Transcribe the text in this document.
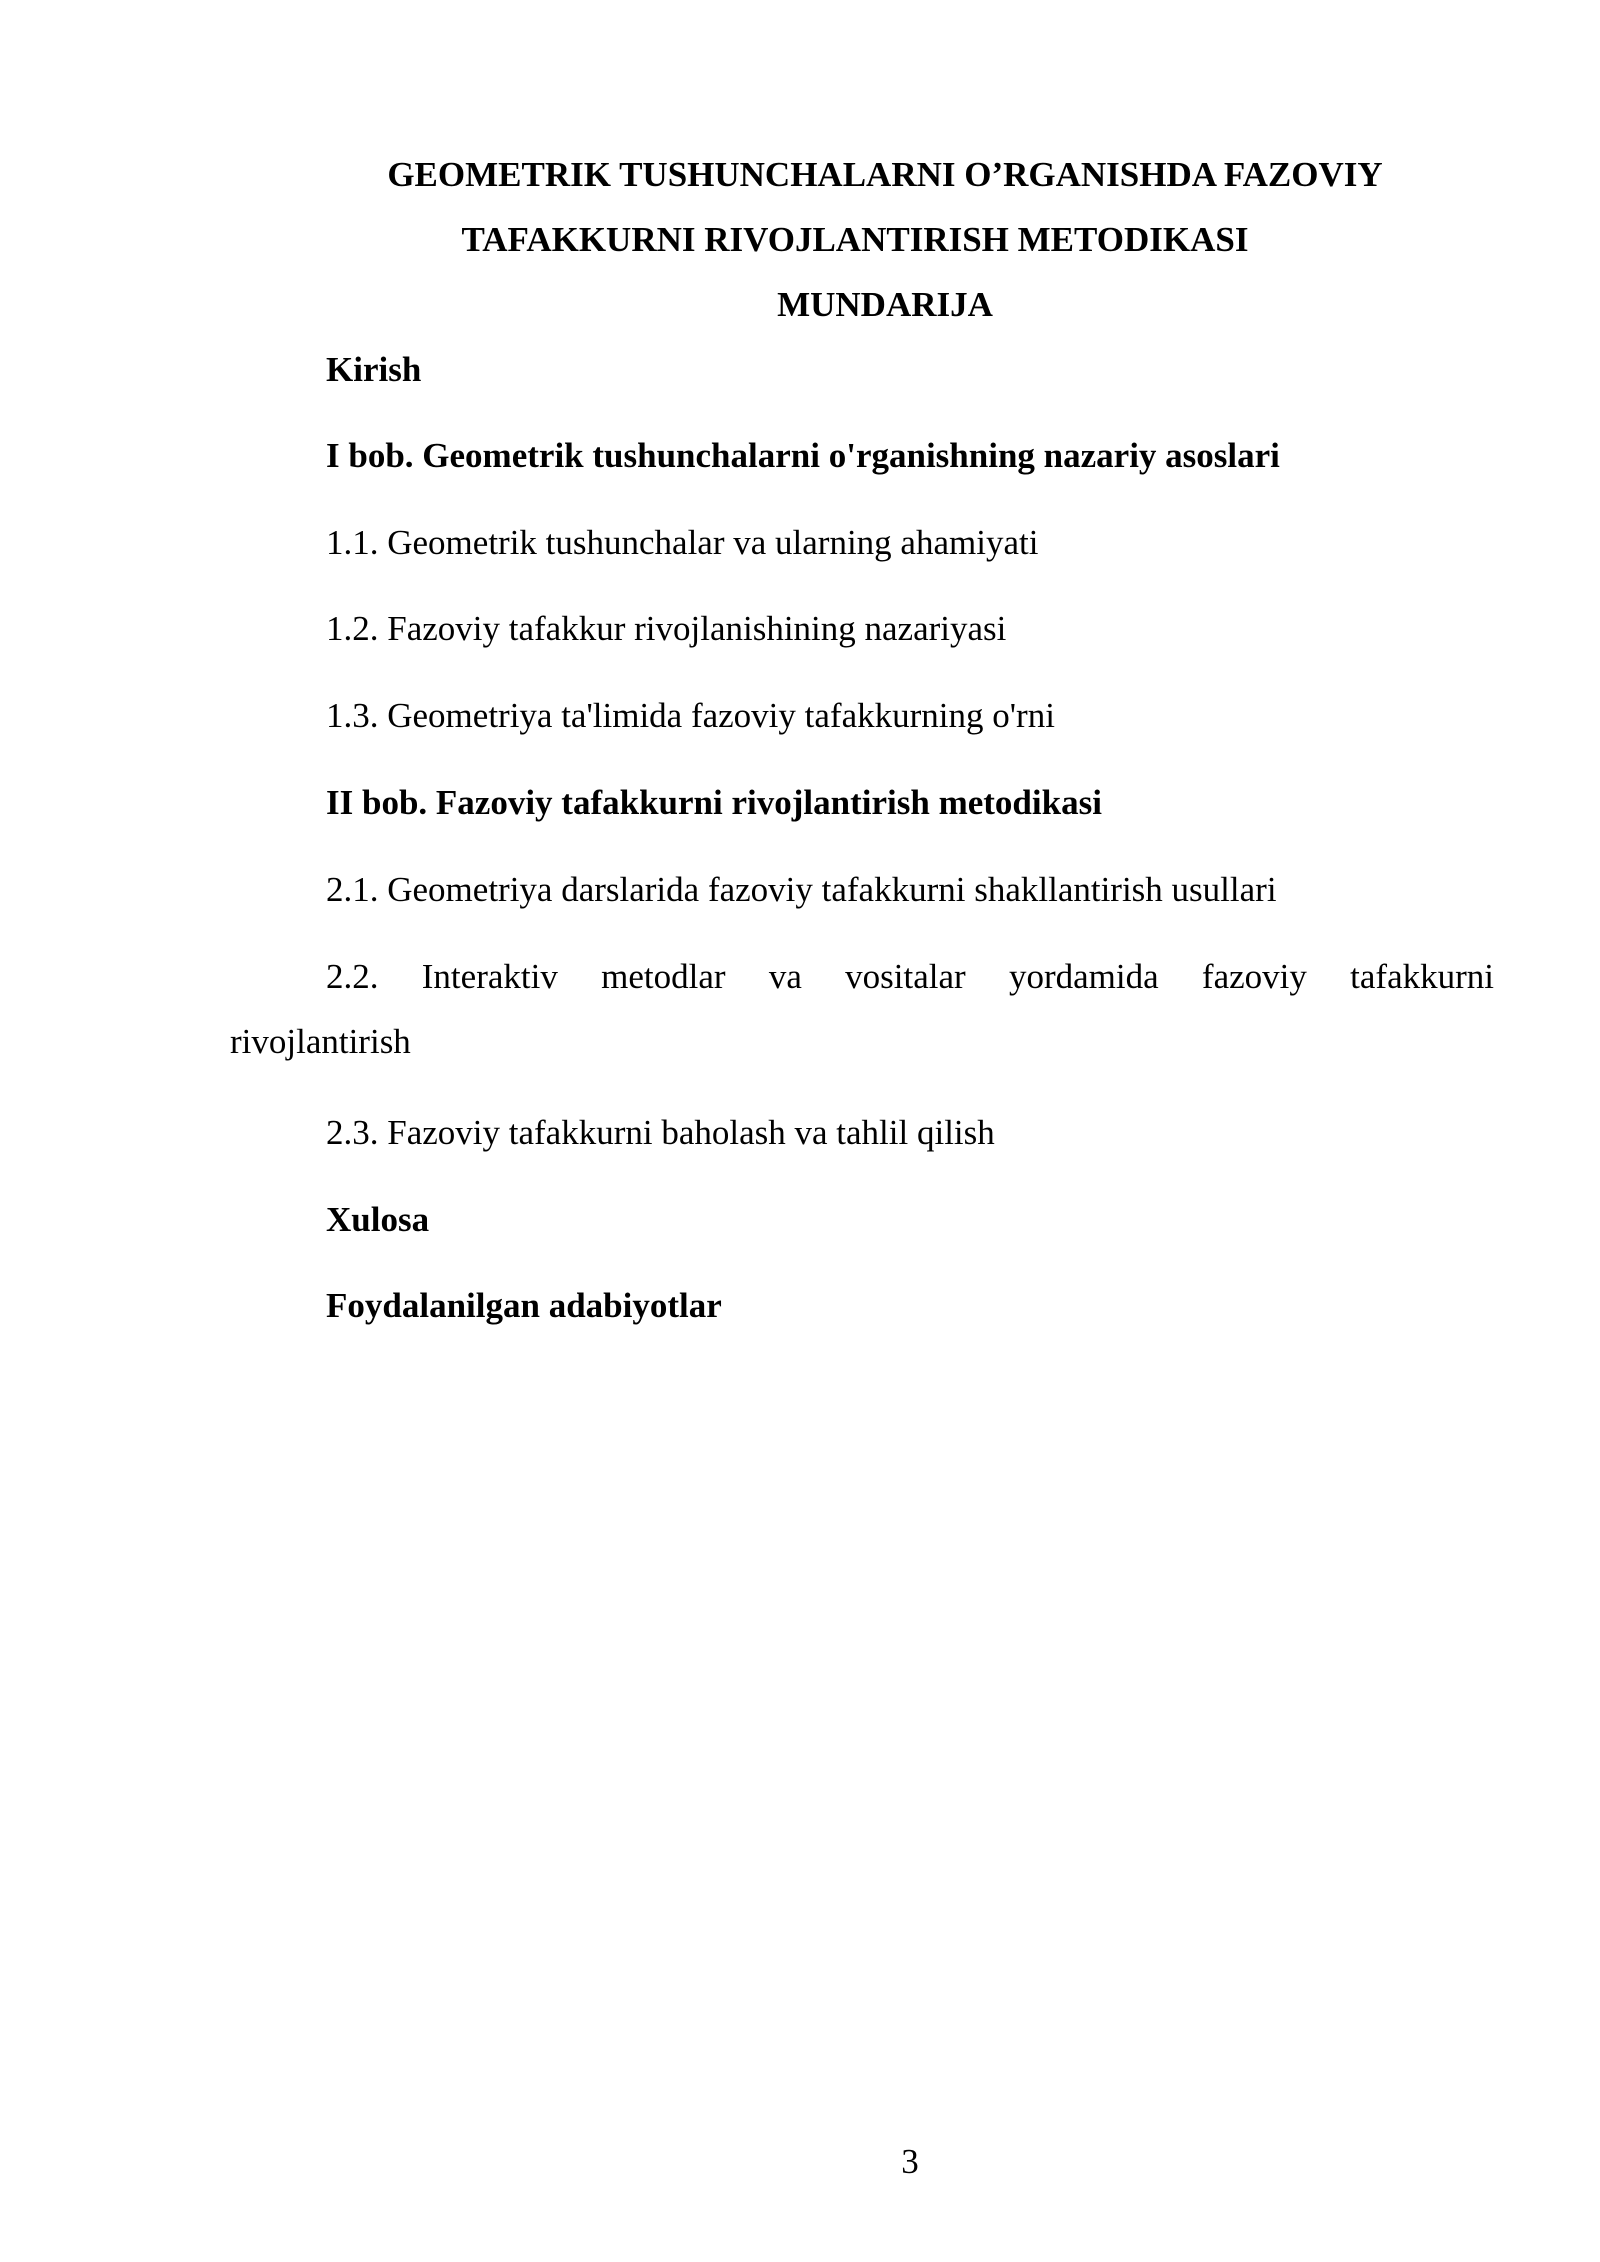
GEOMETRIK TUSHUNCHALARNI O’RGANISHDA FAZOVIY
TAFAKKURNI RIVOJLANTIRISH METODIKASI
MUNDARIJA
Kirish
I bob. Geometrik tushunchalarni o'rganishning nazariy asoslari
1.1. Geometrik tushunchalar va ularning ahamiyati
1.2. Fazoviy tafakkur rivojlanishining nazariyasi
1.3. Geometriya ta'limida fazoviy tafakkurning o'rni
II bob. Fazoviy tafakkurni rivojlantirish metodikasi
2.1. Geometriya darslarida fazoviy tafakkurni shakllantirish usullari
2.2. Interaktiv metodlar va vositalar yordamida fazoviy tafakkurni
rivojlantirish
2.3. Fazoviy tafakkurni baholash va tahlil qilish
Xulosa
Foydalanilgan adabiyotlar
3
